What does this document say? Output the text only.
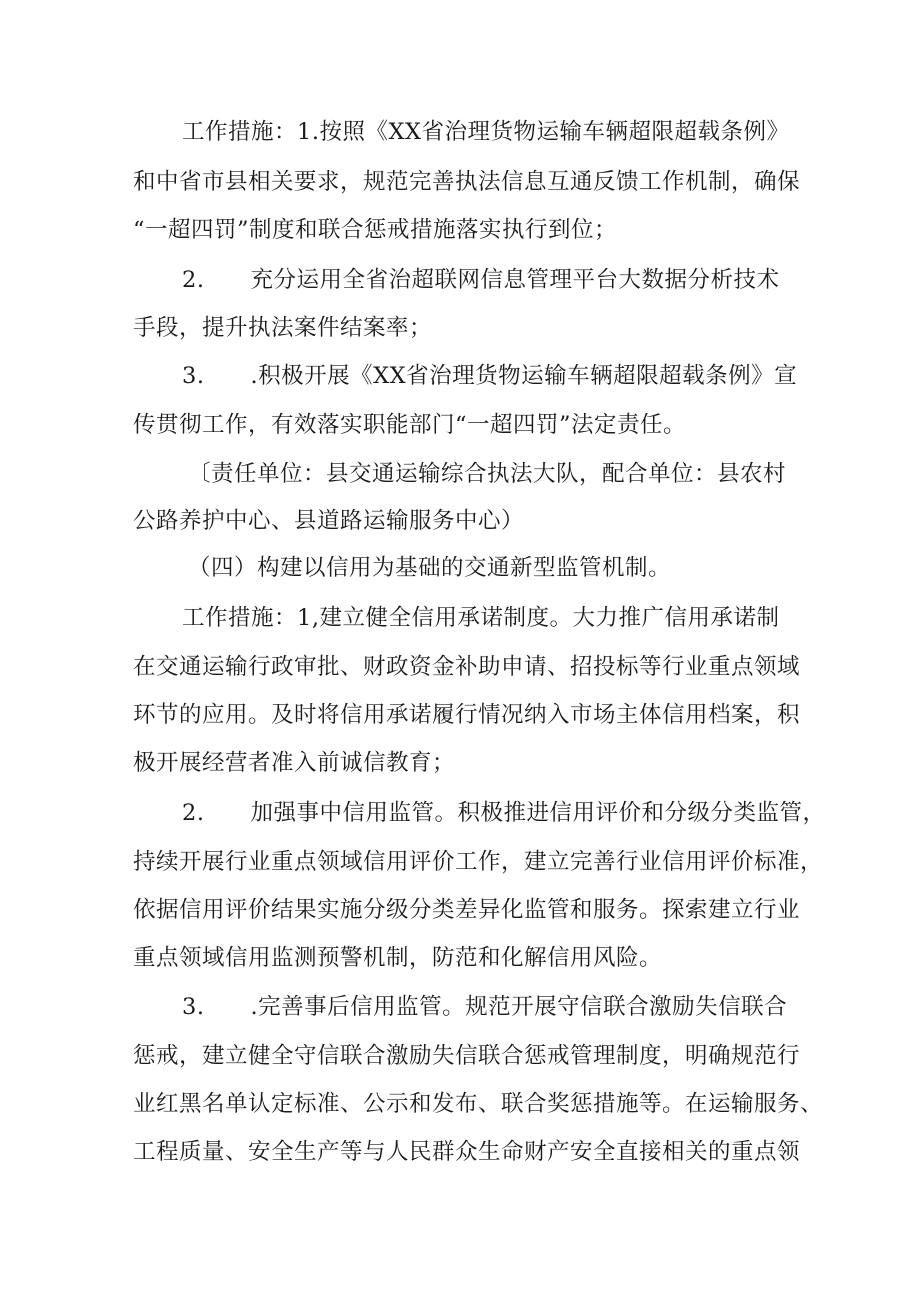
工作措施：1.按照《XX省治理货物运输车辆超限超载条例》
和中省市县相关要求，规范完善执法信息互通反馈工作机制，确保
“一超四罚”制度和联合惩戒措施落实执行到位；
2.　　充分运用全省治超联网信息管理平台大数据分析技术
手段，提升执法案件结案率；
3.　　.积极开展《XX省治理货物运输车辆超限超载条例》宣
传贯彻工作，有效落实职能部门“一超四罚”法定责任。
〔责任单位：县交通运输综合执法大队，配合单位：县农村
公路养护中心、县道路运输服务中心）
（四）构建以信用为基础的交通新型监管机制。
工作措施：1,建立健全信用承诺制度。大力推广信用承诺制
在交通运输行政审批、财政资金补助申请、招投标等行业重点领域
环节的应用。及时将信用承诺履行情况纳入市场主体信用档案，积
极开展经营者准入前诚信教育；
2.　　加强事中信用监管。积极推进信用评价和分级分类监管，
持续开展行业重点领域信用评价工作，建立完善行业信用评价标准，
依据信用评价结果实施分级分类差异化监管和服务。探索建立行业
重点领域信用监测预警机制，防范和化解信用风险。
3.　　.完善事后信用监管。规范开展守信联合激励失信联合
惩戒，建立健全守信联合激励失信联合惩戒管理制度，明确规范行
业红黑名单认定标准、公示和发布、联合奖惩措施等。在运输服务、
工程质量、安全生产等与人民群众生命财产安全直接相关的重点领
